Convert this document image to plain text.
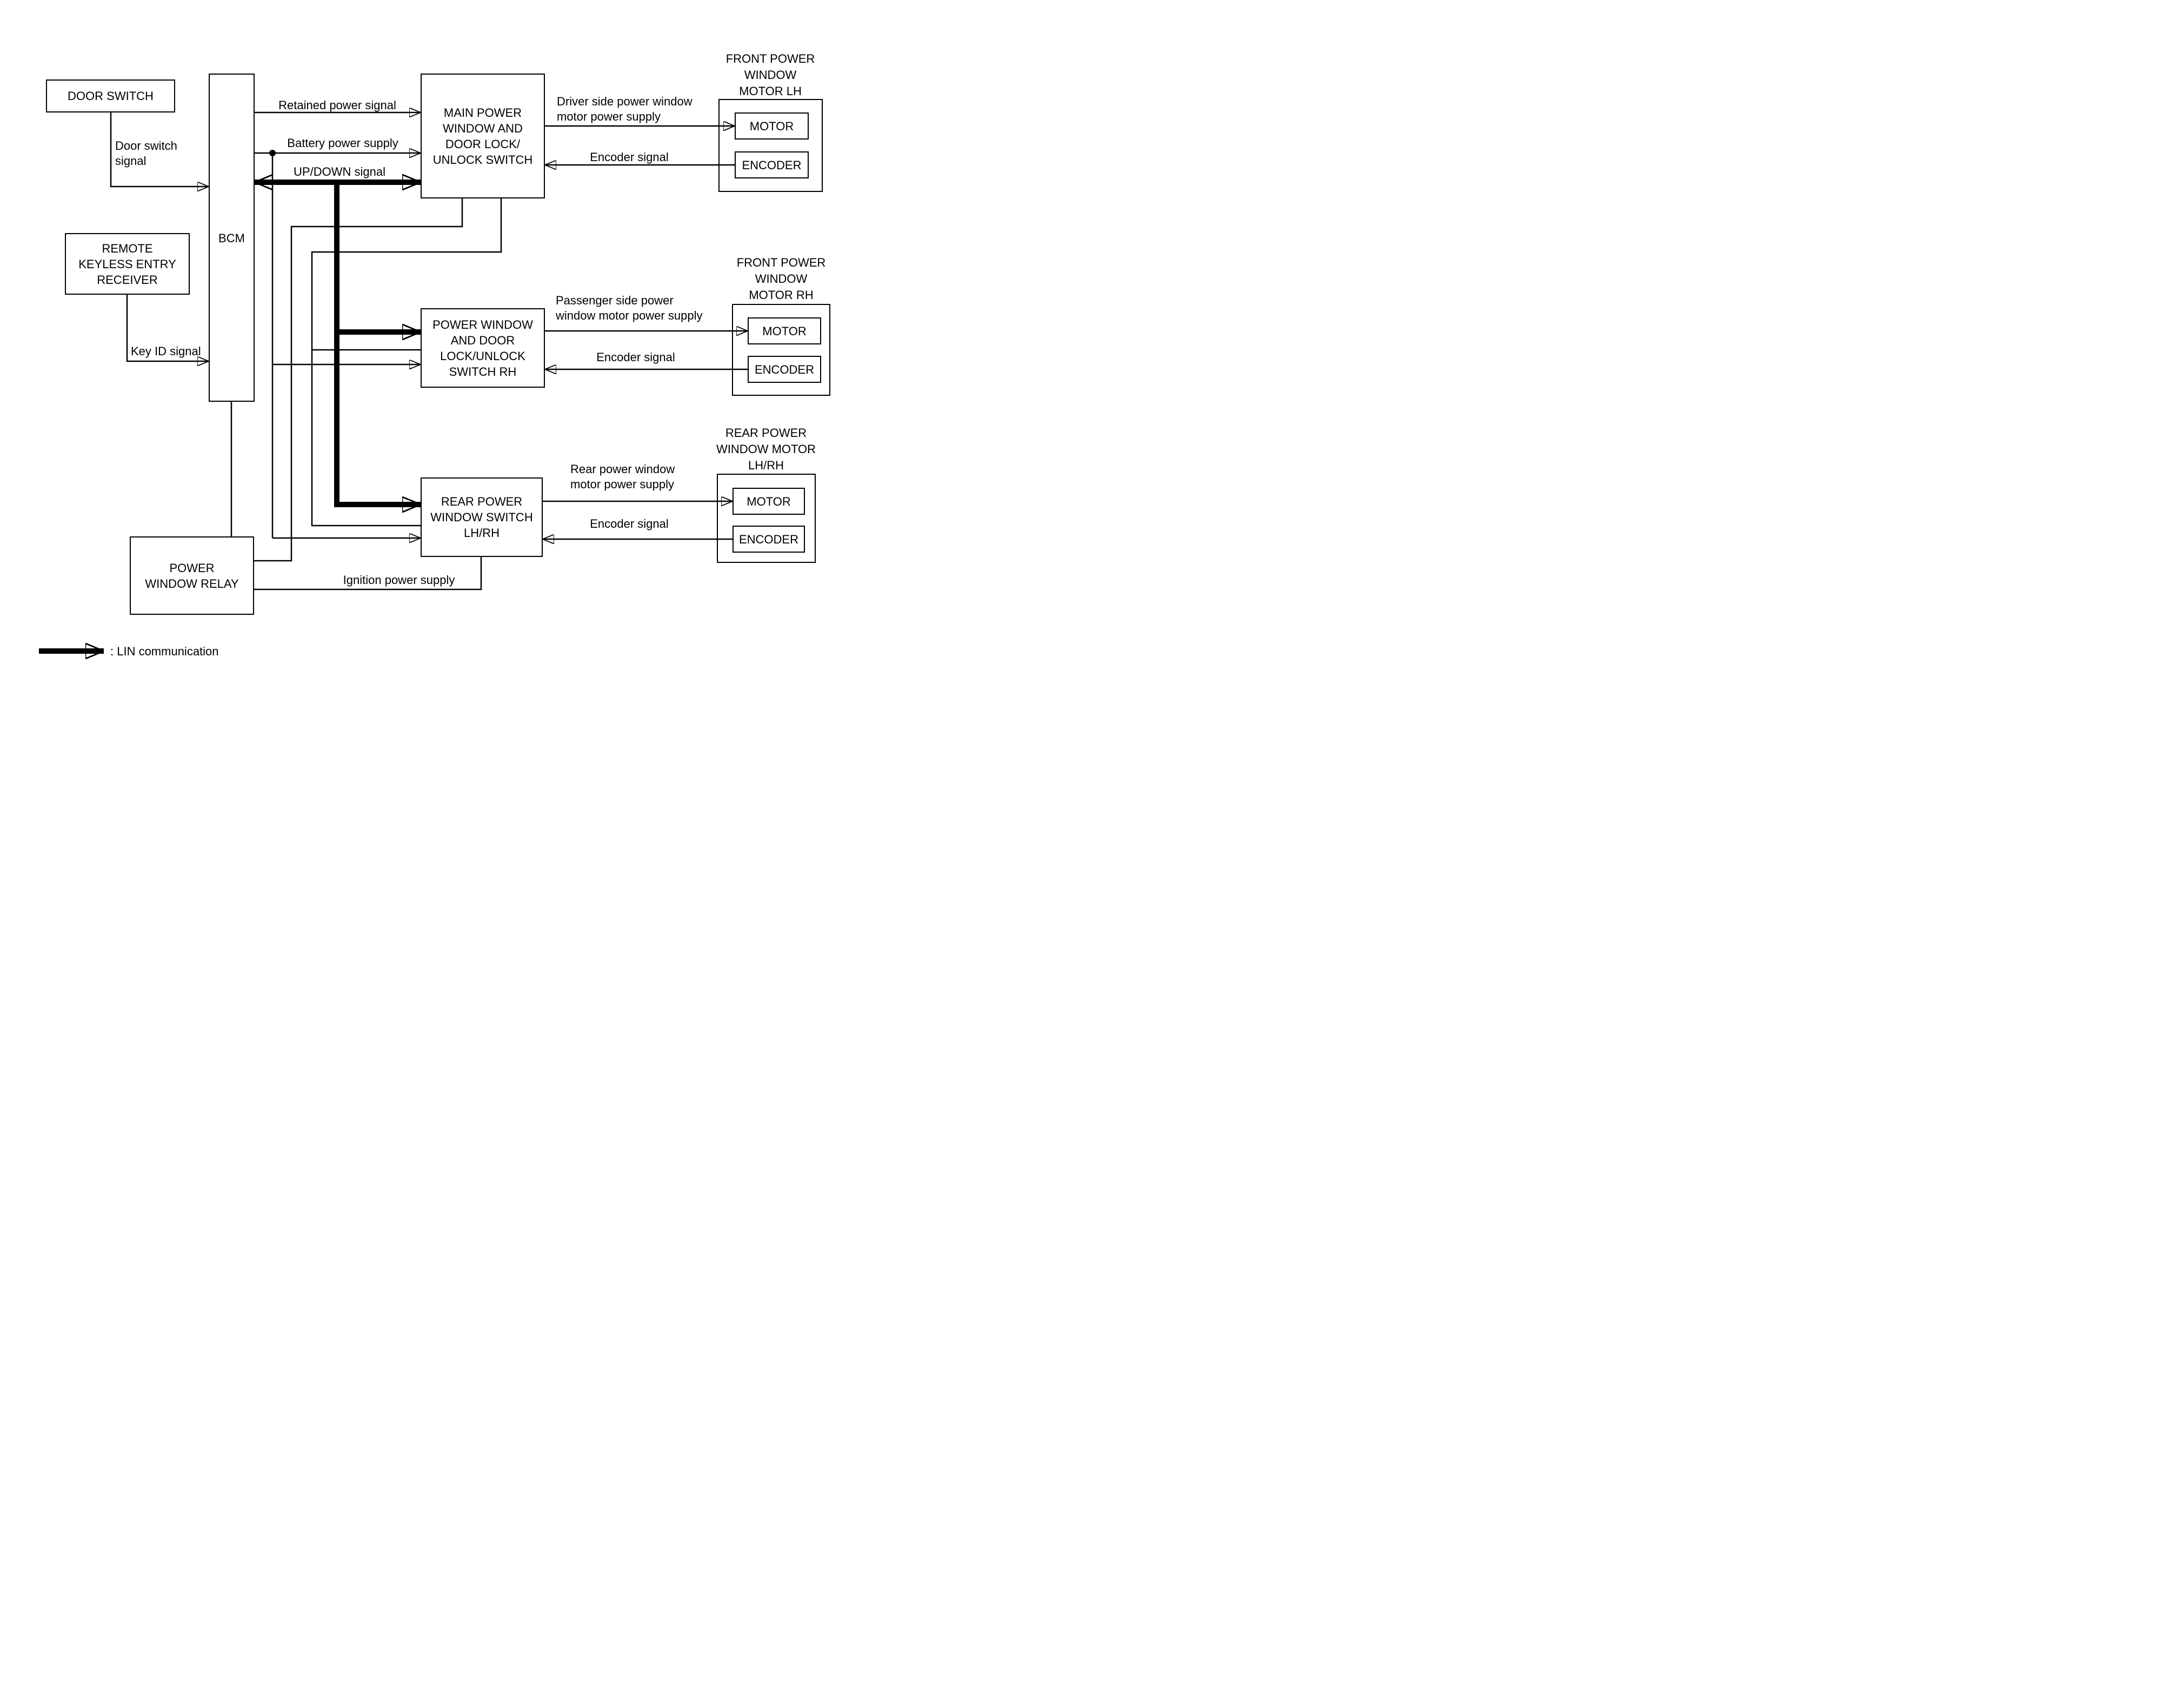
DOOR SWITCH
BCM
REMOTE
KEYLESS ENTRY
RECEIVER
MAIN POWER
WINDOW AND
DOOR LOCK/
UNLOCK SWITCH
POWER WINDOW
AND DOOR
LOCK/UNLOCK
SWITCH RH
REAR POWER
WINDOW SWITCH
LH/RH
POWER
WINDOW RELAY
FRONT POWER
WINDOW
MOTOR LH
MOTOR
ENCODER
FRONT POWER
WINDOW
MOTOR RH
MOTOR
ENCODER
REAR POWER
WINDOW MOTOR
LH/RH
MOTOR
ENCODER
Retained power signal
Battery power supply
UP/DOWN signal
Door switch
signal
Key ID signal
Driver side power window
motor power supply
Encoder signal
Passenger side power
window motor power supply
Encoder signal
Rear power window
motor power supply
Encoder signal
Ignition power supply
: LIN communication
